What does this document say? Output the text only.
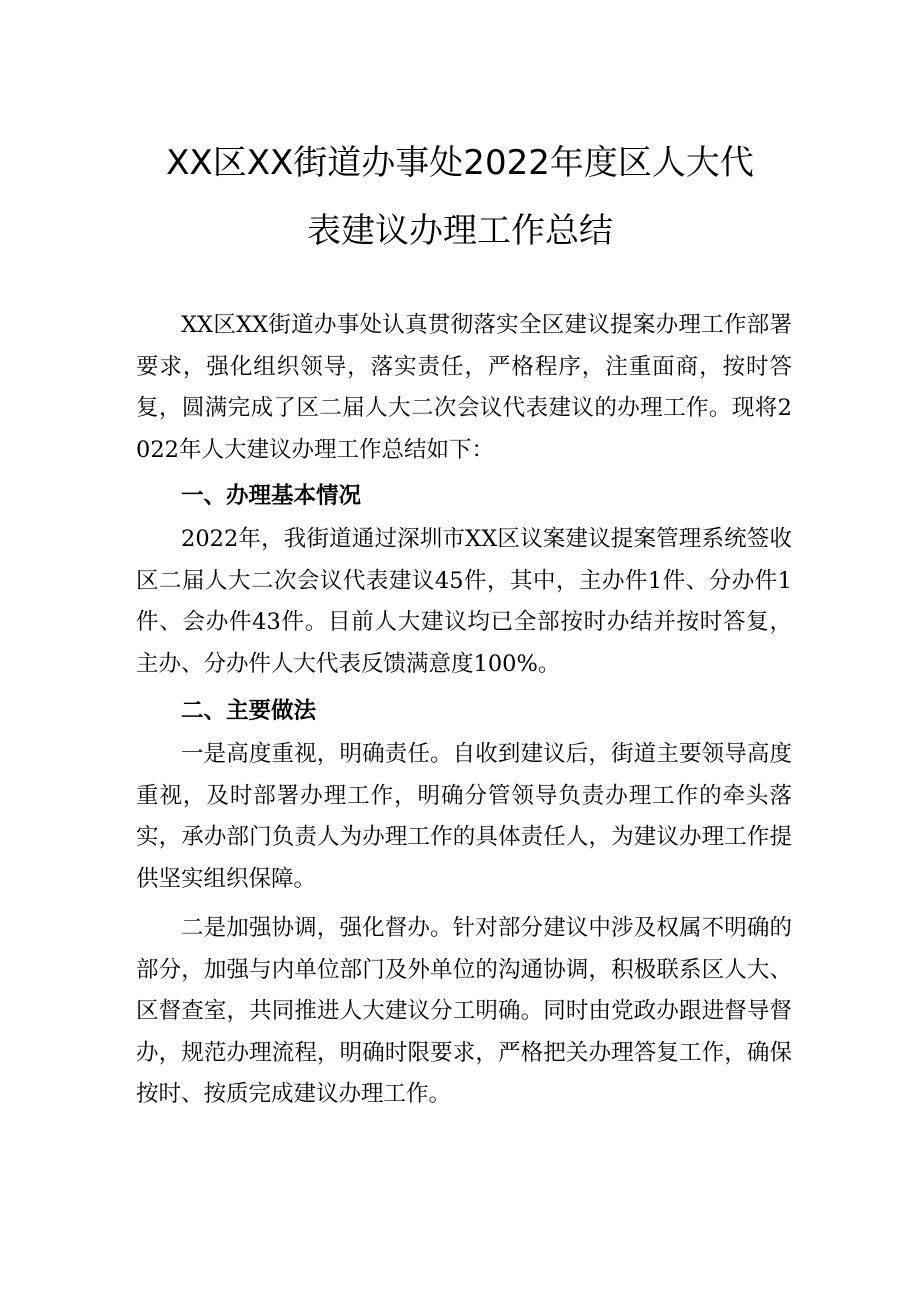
XX区XX街道办事处2022年度区人大代
表建议办理工作总结

XX区XX街道办事处认真贯彻落实全区建议提案办理工作部署要求，强化组织领导，落实责任，严格程序，注重面商，按时答复，圆满完成了区二届人大二次会议代表建议的办理工作。现将2022年人大建议办理工作总结如下：

一、办理基本情况

2022年，我街道通过深圳市XX区议案建议提案管理系统签收区二届人大二次会议代表建议45件，其中，主办件1件、分办件1件、会办件43件。目前人大建议均已全部按时办结并按时答复，主办、分办件人大代表反馈满意度100%。

二、主要做法

一是高度重视，明确责任。自收到建议后，街道主要领导高度重视，及时部署办理工作，明确分管领导负责办理工作的牵头落实，承办部门负责人为办理工作的具体责任人，为建议办理工作提供坚实组织保障。

二是加强协调，强化督办。针对部分建议中涉及权属不明确的部分，加强与内单位部门及外单位的沟通协调，积极联系区人大、区督查室，共同推进人大建议分工明确。同时由党政办跟进督导督办，规范办理流程，明确时限要求，严格把关办理答复工作，确保按时、按质完成建议办理工作。
